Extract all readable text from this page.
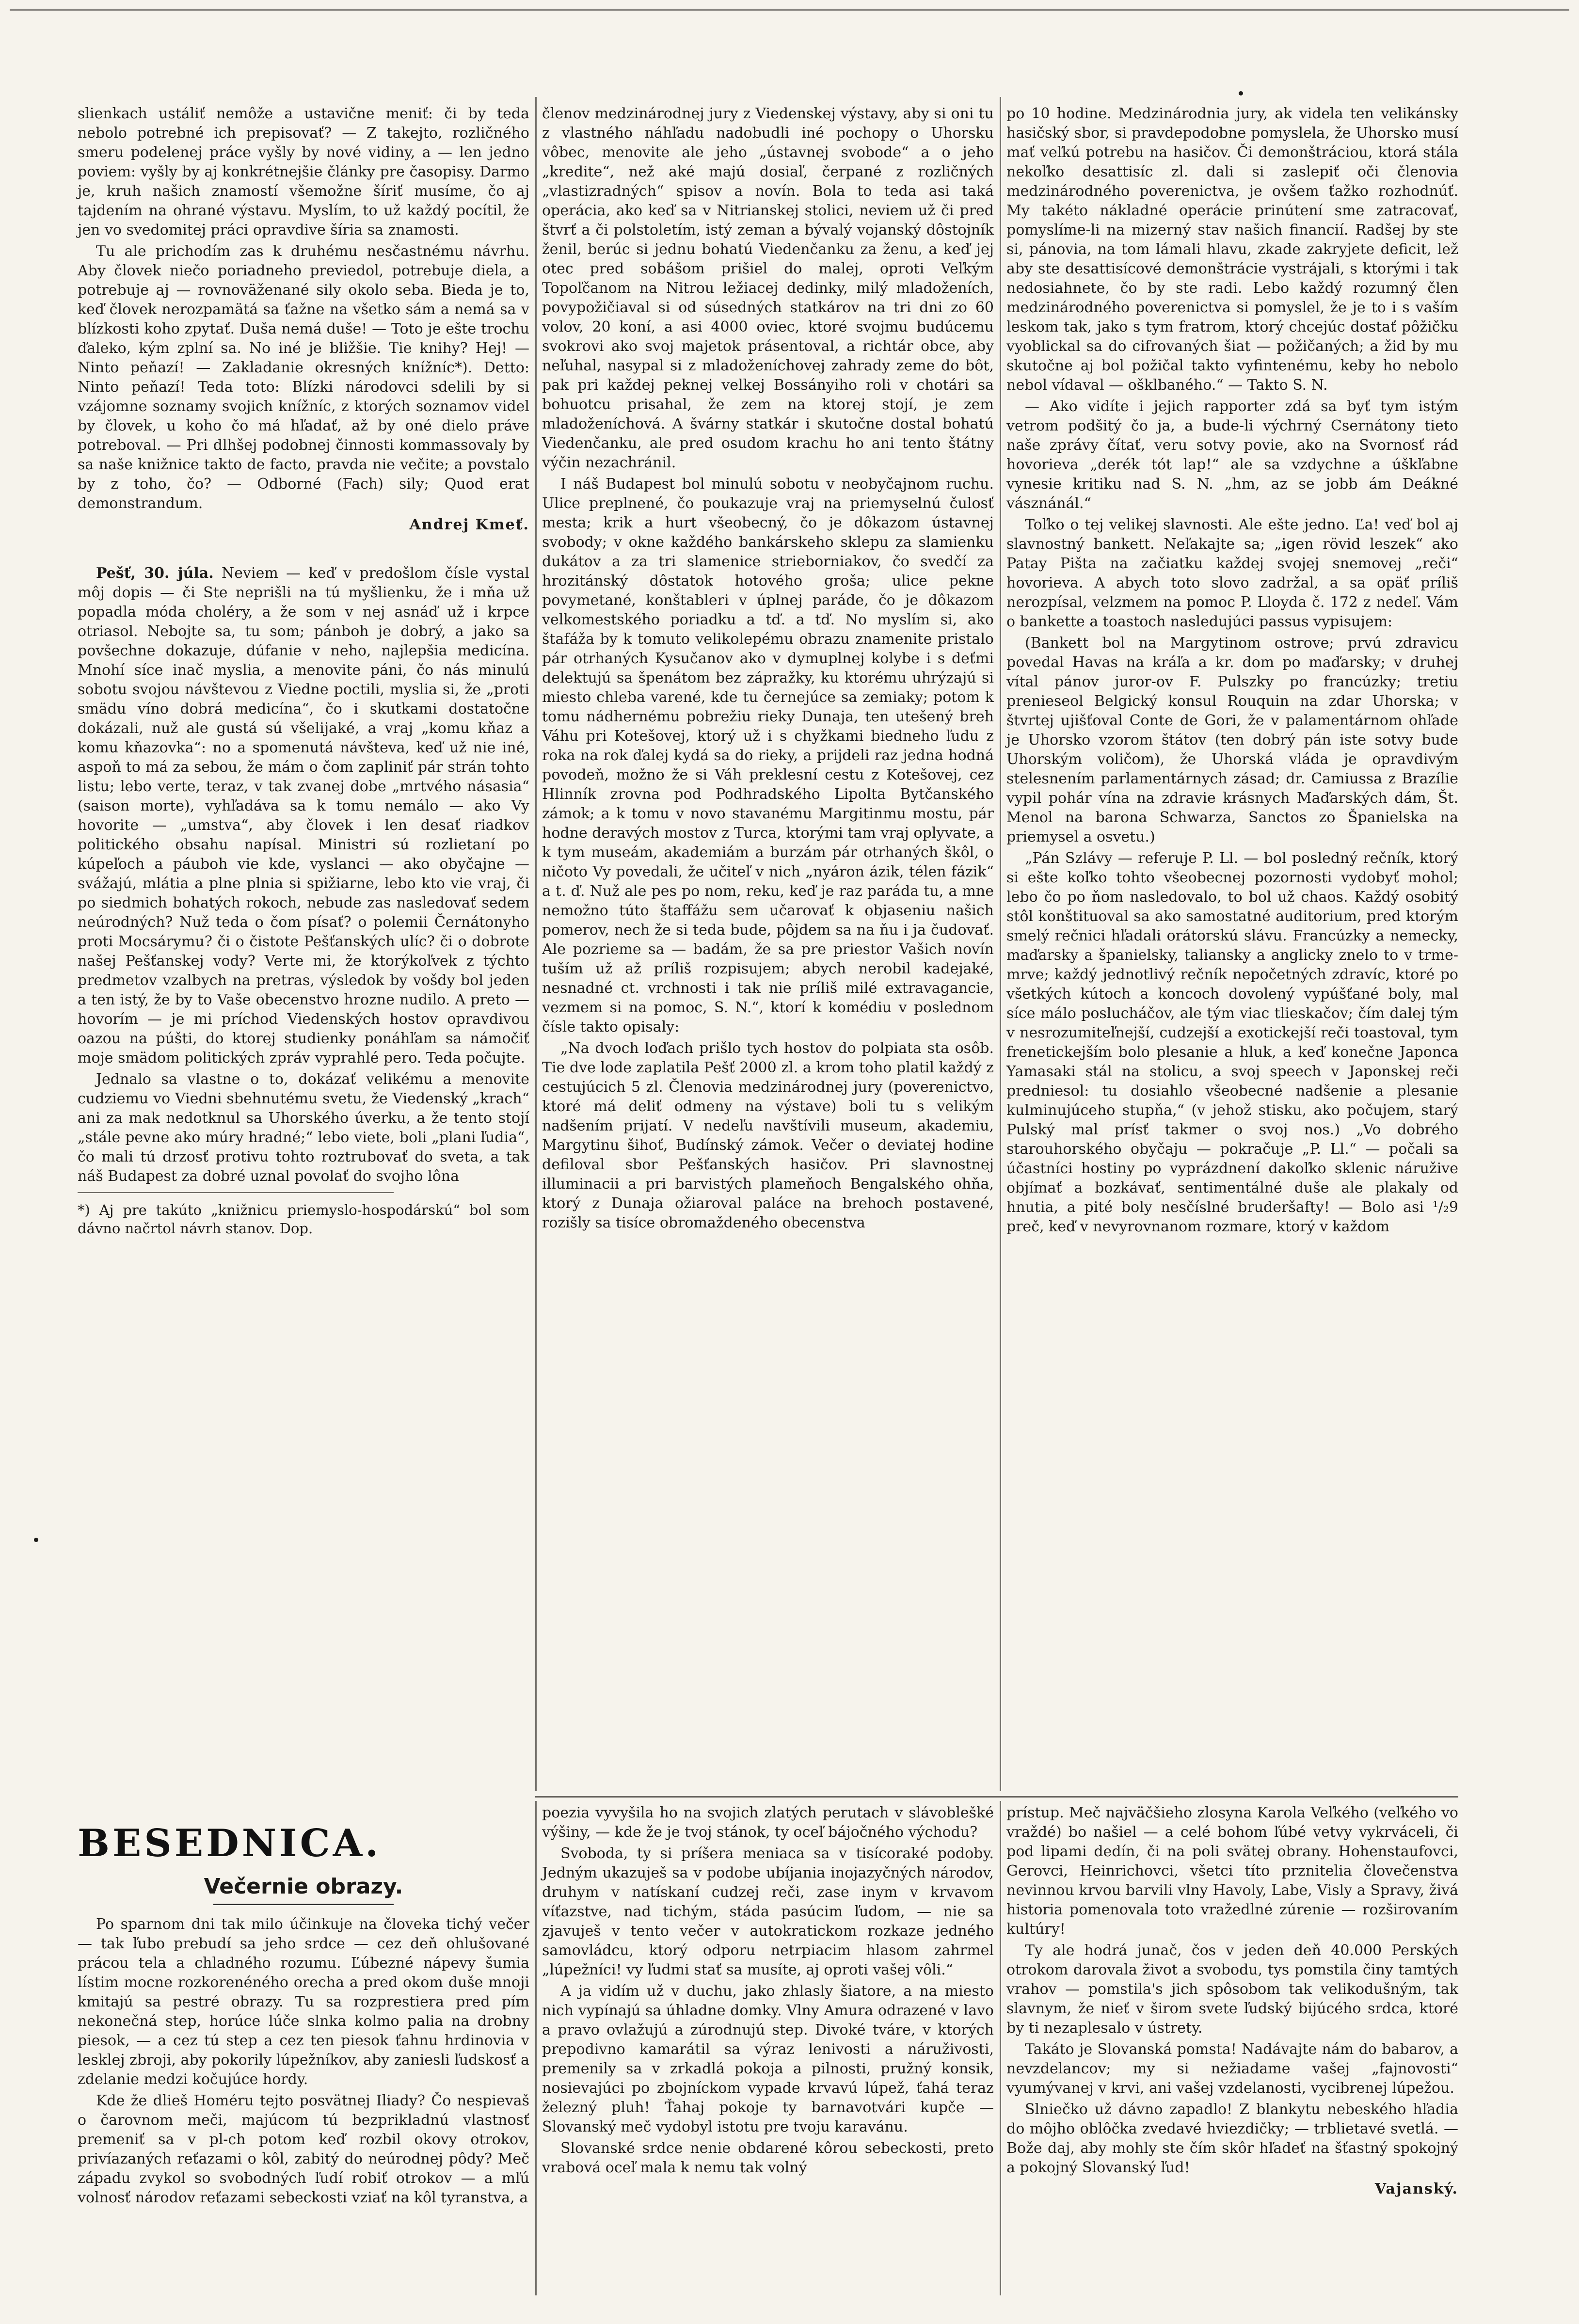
slienkach ustáliť nemôže a ustavične meniť: či by teda nebolo potrebné ich prepisovať? — Z takejto, rozličného smeru podelenej práce vyšly by nové vidiny, a — len jedno poviem: vyšly by aj konkrétnejšie články pre časopisy. Darmo je, kruh našich znamostí všemožne šíriť musíme, čo aj tajdením na ohrané výstavu. Myslím, to už každý pocítil, že jen vo svedomitej práci opravdive šíria sa znamosti.

Tu ale prichodím zas k druhému nesčastnému návrhu. Aby človek niečo poriadneho previedol, potrebuje diela, a potrebuje aj — rovnoväženané sily okolo seba. Bieda je to, keď človek nerozpamätá sa ťažne na všetko sám a nemá sa v blízkosti koho zpytať. Duša nemá duše! — Toto je ešte trochu ďaleko, kým zplní sa. No iné je bližšie. Tie knihy? Hej! — Ninto peňazí! — Zakladanie okresných knížníc*). Detto: Ninto peňazí! Teda toto: Blízki národovci sdelili by si vzájomne soznamy svojich knížníc, z ktorých soznamov videl by človek, u koho čo má hľadať, až by oné dielo práve potreboval. — Pri dlhšej podobnej činnosti kommassovaly by sa naše knižnice takto de facto, pravda nie večite; a povstalo by z toho, čo? — Odborné (Fach) sily; Quod erat demonstrandum.

Andrej Kmeť.

Pešť, 30. júla. Neviem — keď v predošlom čísle vystal môj dopis — či Ste neprišli na tú myšlienku, že i mňa už popadla móda choléry, a že som v nej asnáď už i krpce otriasol. Nebojte sa, tu som; pánboh je dobrý, a jako sa povšechne dokazuje, dúfanie v neho, najlepšia medicína. Mnohí síce inač myslia, a menovite páni, čo nás minulú sobotu svojou návštevou z Viedne poctili, myslia si, že „proti smädu víno dobrá medicína“, čo i skutkami dostatočne dokázali, nuž ale gustá sú všelijaké, a vraj „komu kňaz a komu kňazovka“: no a spomenutá návšteva, keď už nie iné, aspoň to má za sebou, že mám o čom zapliniť pár strán tohto listu; lebo verte, teraz, v tak zvanej dobe „mrtvého násasia“ (saison morte), vyhľadáva sa k tomu nemálo — ako Vy hovorite — „umstva“, aby človek i len desať riadkov politického obsahu napísal. Ministri sú rozlietaní po kúpeľoch a páuboh vie kde, vyslanci — ako obyčajne — svážajú, mlátia a plne plnia si spižiarne, lebo kto vie vraj, či po siedmich bohatých rokoch, nebude zas nasledovať sedem neúrodných? Nuž teda o čom písať? o polemii Černátonyho proti Mocsárymu? či o čistote Pešťanských ulíc? či o dobrote našej Pešťanskej vody? Verte mi, že ktorýkoľvek z týchto predmetov vzalbych na pretras, výsledok by vošdy bol jeden a ten istý, že by to Vaše obecenstvo hrozne nudilo. A preto — hovorím — je mi príchod Viedenských hostov opravdivou oazou na púšti, do ktorej studienky ponáhľam sa námočiť moje smädom politických zpráv vyprahlé pero. Teda počujte.

Jednalo sa vlastne o to, dokázať velikému a menovite cudziemu vo Viedni sbehnutému svetu, že Viedenský „krach“ ani za mak nedotknul sa Uhorského úverku, a že tento stojí „stále pevne ako múry hradné;“ lebo viete, boli „plani ľudia“, čo mali tú drzosť protivu tohto roztrubovať do sveta, a tak náš Budapest za dobré uznal povolať do svojho lôna

*) Aj pre takúto „knižnicu priemyslo-hospodárskú“ bol som dávno načrtol návrh stanov. Dop.

členov medzinárodnej jury z Viedenskej výstavy, aby si oni tu z vlastného náhľadu nadobudli iné pochopy o Uhorsku vôbec, menovite ale jeho „ústavnej svobode“ a o jeho „kredite“, než aké majú dosiaľ, čerpané z rozličných „vlastizradných“ spisov a novín. Bola to teda asi taká operácia, ako keď sa v Nitrianskej stolici, neviem už či pred štvrť a či polstoletím, istý zeman a bývalý vojanský dôstojník ženil, berúc si jednu bohatú Viedenčanku za ženu, a keď jej otec pred sobášom prišiel do malej, oproti Veľkým Topoľčanom na Nitrou ležiacej dedinky, milý mladoženích, povypožičiaval si od súsedných statkárov na tri dni zo 60 volov, 20 koní, a asi 4000 oviec, ktoré svojmu budúcemu svokrovi ako svoj majetok prásentoval, a richtár obce, aby neľuhal, nasypal si z mladoženíchovej zahrady zeme do bôt, pak pri každej peknej velkej Bossányiho roli v chotári sa bohuotcu prisahal, že zem na ktorej stojí, je zem mladoženíchová. A švárny statkár i skutočne dostal bohatú Viedenčanku, ale pred osudom krachu ho ani tento štátny výčin nezachránil.

I náš Budapest bol minulú sobotu v neobyčajnom ruchu. Ulice preplnené, čo poukazuje vraj na priemyselnú čulosť mesta; krik a hurt všeobecný, čo je dôkazom ústavnej svobody; v okne každého bankárskeho sklepu za slamienku dukátov a za tri slamenice strieborniakov, čo svedčí za hrozitánský dôstatok hotového groša; ulice pekne povymetané, konštableri v úplnej paráde, čo je dôkazom velkomestského poriadku a tď. a tď. No myslím si, ako štafáža by k tomuto velikolepému obrazu znamenite pristalo pár otrhaných Kysučanov ako v dymuplnej kolybe i s deťmi delektujú sa špenátom bez zápražky, ku ktorému uhrýzajú si miesto chleba varené, kde tu černejúce sa zemiaky; potom k tomu nádhernému pobrežiu rieky Dunaja, ten utešený breh Váhu pri Kotešovej, ktorý už i s chyžkami biedneho ľudu z roka na rok ďalej kydá sa do rieky, a prijdeli raz jedna hodná povodeň, možno že si Váh preklesní cestu z Kotešovej, cez Hlinník zrovna pod Podhradského Lipolta Bytčanského zámok; a k tomu v novo stavanému Margitinmu mostu, pár hodne deravých mostov z Turca, ktorými tam vraj oplyvate, a k tym museám, akademiám a burzám pár otrhaných škôl, o ničoto Vy povedali, že učiteľ v nich „nyáron ázik, télen fázik“ a t. ď. Nuž ale pes po nom, reku, keď je raz paráda tu, a mne nemožno túto štaffážu sem učarovať k objaseniu našich pomerov, nech že si teda bude, pôjdem sa na ňu i ja čudovať. Ale pozrieme sa — badám, že sa pre priestor Vašich novín tuším už až príliš rozpisujem; abych nerobil kadejaké, nesnadné ct. vrchnosti i tak nie príliš milé extravagancie, vezmem si na pomoc, S. N.“, ktorí k komédiu v poslednom čísle takto opisaly:

„Na dvoch loďach prišlo tych hostov do polpiata sta osôb. Tie dve lode zaplatila Pešť 2000 zl. a krom toho platil každý z cestujúcich 5 zl. Členovia medzinárodnej jury (poverenictvo, ktoré má deliť odmeny na výstave) boli tu s velikým nadšením prijatí. V nedeľu navštívili museum, akademiu, Margytinu šihoť, Budínský zámok. Večer o deviatej hodine defiloval sbor Pešťanských hasičov. Pri slavnostnej illuminacii a pri barvistých plameňoch Bengalského ohňa, ktorý z Dunaja ožiaroval paláce na brehoch postavené, rozišly sa tisíce obromaždeného obecenstva

po 10 hodine. Medzinárodnia jury, ak videla ten velikánsky hasičský sbor, si pravdepodobne pomyslela, že Uhorsko musí mať veľkú potrebu na hasičov. Či demonštráciou, ktorá stála nekoľko desattisíc zl. dali si zaslepiť oči členovia medzinárodného poverenictva, je ovšem ťažko rozhodnúť. My takéto nákladné operácie prinútení sme zatracovať, pomyslíme-li na mizerný stav našich financií. Radšej by ste si, pánovia, na tom lámali hlavu, zkade zakryjete deficit, lež aby ste desattisícové demonštrácie vystrájali, s ktorými i tak nedosiahnete, čo by ste radi. Lebo každý rozumný člen medzinárodného poverenictva si pomyslel, že je to i s vaším leskom tak, jako s tym fratrom, ktorý chcejúc dostať pôžičku vyoblickal sa do cifrovaných šiat — požičaných; a žid by mu skutočne aj bol požičal takto vyfintenému, keby ho nebolo nebol vídaval — ošklbaného.“ — Takto S. N.

— Ako vidíte i jejich rapporter zdá sa byť tym istým vetrom podšitý čo ja, a bude-li výchrný Csernátony tieto naše zprávy čítať, veru sotvy povie, ako na Svornosť rád hovorieva „derék tót lap!“ ale sa vzdychne a úškľabne vynesie kritiku nad S. N. „hm, az se jobb ám Deákné vásznánál.“

Toľko o tej velikej slavnosti. Ale ešte jedno. Ľa! veď bol aj slavnostný bankett. Neľakajte sa; „igen rövid leszek“ ako Patay Pišta na začiatku každej svojej snemovej „reči“ hovorieva. A abych toto slovo zadržal, a sa opäť príliš nerozpísal, velzmem na pomoc P. Lloyda č. 172 z nedeľ. Vám o bankette a toastoch nasledujúci passus vypisujem:

(Bankett bol na Margytinom ostrove; prvú zdravicu povedal Havas na kráľa a kr. dom po maďarsky; v druhej vítal pánov juror-ov F. Pulszky po francúzky; tretiu prenieseol Belgický konsul Rouquin na zdar Uhorska; v štvrtej ujišťoval Conte de Gori, že v palamentárnom ohľade je Uhorsko vzorom štátov (ten dobrý pán iste sotvy bude Uhorským voličom), že Uhorská vláda je opravdivým stelesnením parlamentárnych zásad; dr. Camiussa z Brazílie vypil pohár vína na zdravie krásnych Maďarských dám, Št. Menol na barona Schwarza, Sanctos zo Španielska na priemysel a osvetu.)

„Pán Szlávy — referuje P. Ll. — bol posledný rečník, ktorý si ešte koľko tohto všeobecnej pozornosti vydobyť mohol; lebo čo po ňom nasledovalo, to bol už chaos. Každý osobitý stôl konštituoval sa ako samostatné auditorium, pred ktorým smelý rečnici hľadali orátorskú slávu. Francúzky a nemecky, maďarsky a španielsky, taliansky a anglicky znelo to v trme-mrve; každý jednotlivý rečník nepočetných zdravíc, ktoré po všetkých kútoch a koncoch dovolený vypúšťané boly, mal síce málo poslucháčov, ale tým viac tlieskačov; čím dalej tým v nesrozumiteľnejší, cudzejší a exotickejší reči toastoval, tym frenetickejším bolo plesanie a hluk, a keď konečne Japonca Yamasaki stál na stolicu, a svoj speech v Japonskej reči predniesol: tu dosiahlo všeobecné nadšenie a plesanie kulminujúceho stupňa,“ (v jehož stisku, ako počujem, starý Pulský mal prísť takmer o svoj nos.) „Vo dobrého starouhorského obyčaju — pokračuje „P. Ll.“ — počali sa účastníci hostiny po vyprázdnení dakoľko sklenic náružive objímať a bozkávať, sentimentálné duše ale plakaly od hnutia, a pité boly nesčíslné bruderšafty! — Bolo asi ¹/₂9 preč, keď v nevyrovnanom rozmare, ktorý v každom

BESEDNICA.
Večernie obrazy.

Po sparnom dni tak milo účinkuje na človeka tichý večer — tak ľubo prebudí sa jeho srdce — cez deň ohlušované prácou tela a chladného rozumu. Ľúbezné nápevy šumia lístim mocne rozkorenéného orecha a pred okom duše mnoji kmitajú sa pestré obrazy. Tu sa rozprestiera pred pím nekonečná step, horúce lúče slnka kolmo palia na drobny piesok, — a cez tú step a cez ten piesok ťahnu hrdinovia v lesklej zbroji, aby pokorily lúpežníkov, aby zaniesli ľudskosť a zdelanie medzi kočujúce hordy.

Kde že dlieš Homéru tejto posvätnej Iliady? Čo nespievaš o čarovnom meči, majúcom tú bezprikladnú vlastnosť premeniť sa v pl-ch potom keď rozbil okovy otrokov, privíazaných reťazami o kôl, zabitý do neúrodnej pôdy? Meč západu zvykol so svobodných ľudí robiť otrokov — a mľú volnosť národov reťazami sebeckosti vziať na kôl tyranstva, a

poezia vyvyšila ho na svojich zlatých perutach v slávoblešké výšiny, — kde že je tvoj stánok, ty oceľ bájočného východu?

Svoboda, ty si príšera meniaca sa v tisícoraké podoby. Jedným ukazuješ sa v podobe ubíjania inojazyčných národov, druhym v natískaní cudzej reči, zase inym v krvavom víťazstve, nad tichým, stáda pasúcim ľudom, — nie sa zjavuješ v tento večer v autokratickom rozkaze jedného samovládcu, ktorý odporu netrpiacim hlasom zahrmel „lúpežníci! vy ľudmi stať sa musíte, aj oproti vašej vôli.“

A ja vidím už v duchu, jako zhlasly šiatore, a na miesto nich vypínajú sa úhladne domky. Vlny Amura odrazené v lavo a pravo ovlažujú a zúrodnujú step. Divoké tváre, v ktorých prepodivno kamarátil sa výraz lenivosti a náruživosti, premenily sa v zrkadlá pokoja a pilnosti, pružný konsik, nosievajúci po zbojníckom vypade krvavú lúpež, ťahá teraz železný pluh! Ťahaj pokoje ty barnavotvári kupče — Slovanský meč vydobyl istotu pre tvoju karavánu.

Slovanské srdce nenie obdarené kôrou sebeckosti, preto vrabová oceľ mala k nemu tak volný

prístup. Meč najväčšieho zlosyna Karola Veľkého (veľkého vo vraždé) bo našiel — a celé bohom ľúbé vetvy vykrváceli, či pod lipami dedín, či na poli svätej obrany. Hohenstaufovci, Gerovci, Heinrichovci, všetci títo prznitelia človečenstva nevinnou krvou barvili vlny Havoly, Labe, Visly a Spravy, živá historia pomenovala toto vražedlné zúrenie — rozširovaním kultúry!

Ty ale hodrá junač, čos v jeden deň 40.000 Perských otrokom darovala život a svobodu, tys pomstila činy tamtých vrahov — pomstila's jich spôsobom tak velikodušným, tak slavnym, že nieť v širom svete ľudský bijúcého srdca, ktoré by ti nezaplesalo v ústrety.

Takáto je Slovanská pomsta! Nadávajte nám do babarov, a nevzdelancov; my si nežiadame vašej „fajnovosti“ vyumývanej v krvi, ani vašej vzdelanosti, vycibrenej lúpežou.

Slniečko už dávno zapadlo! Z blankytu nebeského hľadia do môjho oblôčka zvedavé hviezdičky; — trblietavé svetlá. — Bože daj, aby mohly ste čím skôr hľadeť na šťastný spokojný a pokojný Slovanský ľud!

Vajanský.
